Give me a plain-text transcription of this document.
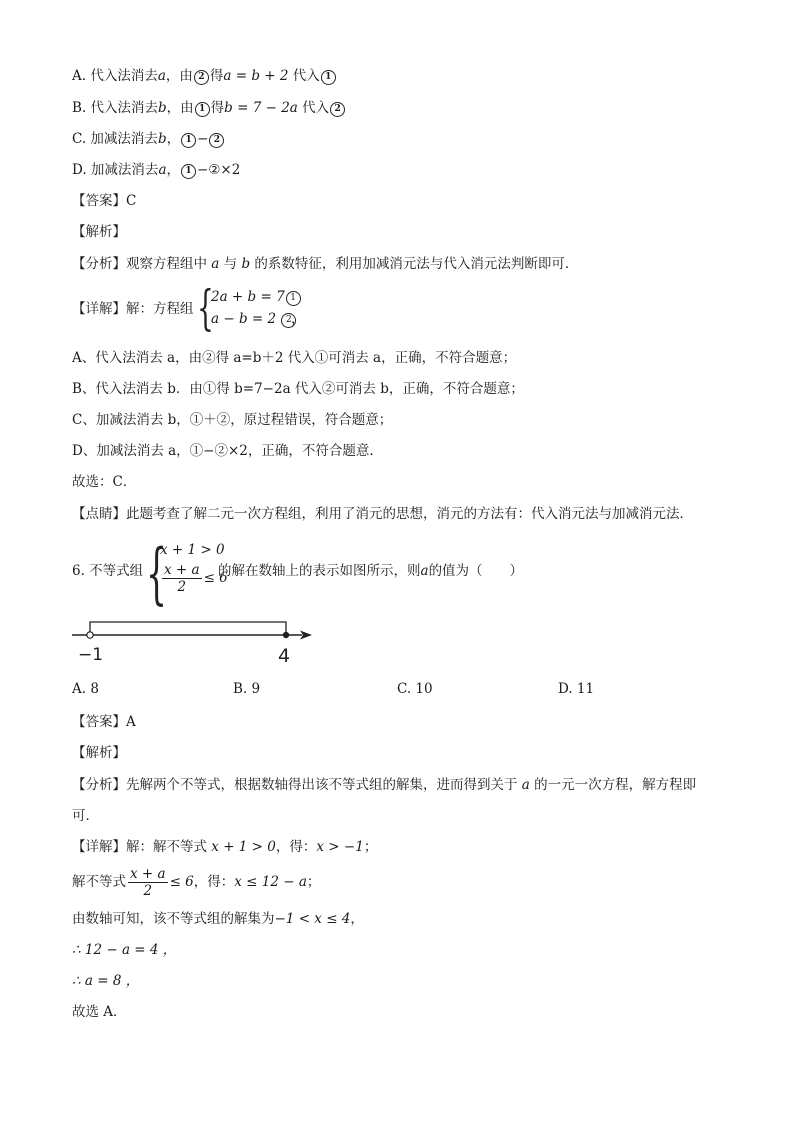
A. 代入法消去a，由 2 得a = b + 2 代入 1
B. 代入法消去b，由 1 得b = 7 − 2a 代入 2
C. 加减法消去b， 1 − 2
D. 加减法消去a， 1 −②×2
【答案】C
【解析】
【分析】观察方程组中 a 与 b 的系数特征，利用加减消元法与代入消元法判断即可．
【详解】解：方程组 {
2a + b = 7 1
a − b = 2 2 ，
A、代入法消去 a，由②得 a=b＋2 代入①可消去 a，正确，不符合题意；
B、代入法消去 b．由①得 b=7−2a 代入②可消去 b，正确，不符合题意；
C、加减法消去 b，①＋②，原过程错误，符合题意；
D、加减法消去 a，①−②×2，正确，不符合题意．
故选：C．
【点睛】此题考查了解二元一次方程组，利用了消元的思想，消元的方法有：代入消元法与加减消元法．
6. 不等式组 {
x + 1 > 0
$\frac{x + a}{2} \le 6$
的解在数轴上的表示如图所示，则a的值为（　　）
−1	4
A. 8	B. 9	C. 10	D. 11
【答案】A
【解析】
【分析】先解两个不等式，根据数轴得出该不等式组的解集，进而得到关于 a 的一元一次方程，解方程即
可．
【详解】解：解不等式 x + 1 > 0，得：x > −1；
解不等式 $\frac{x + a}{2} \le 6$，得：x ≤ 12 − a；
由数轴可知，该不等式组的解集为−1 < x ≤ 4，
∴ 12 − a = 4 ，
∴ a = 8 ，
故选 A．
